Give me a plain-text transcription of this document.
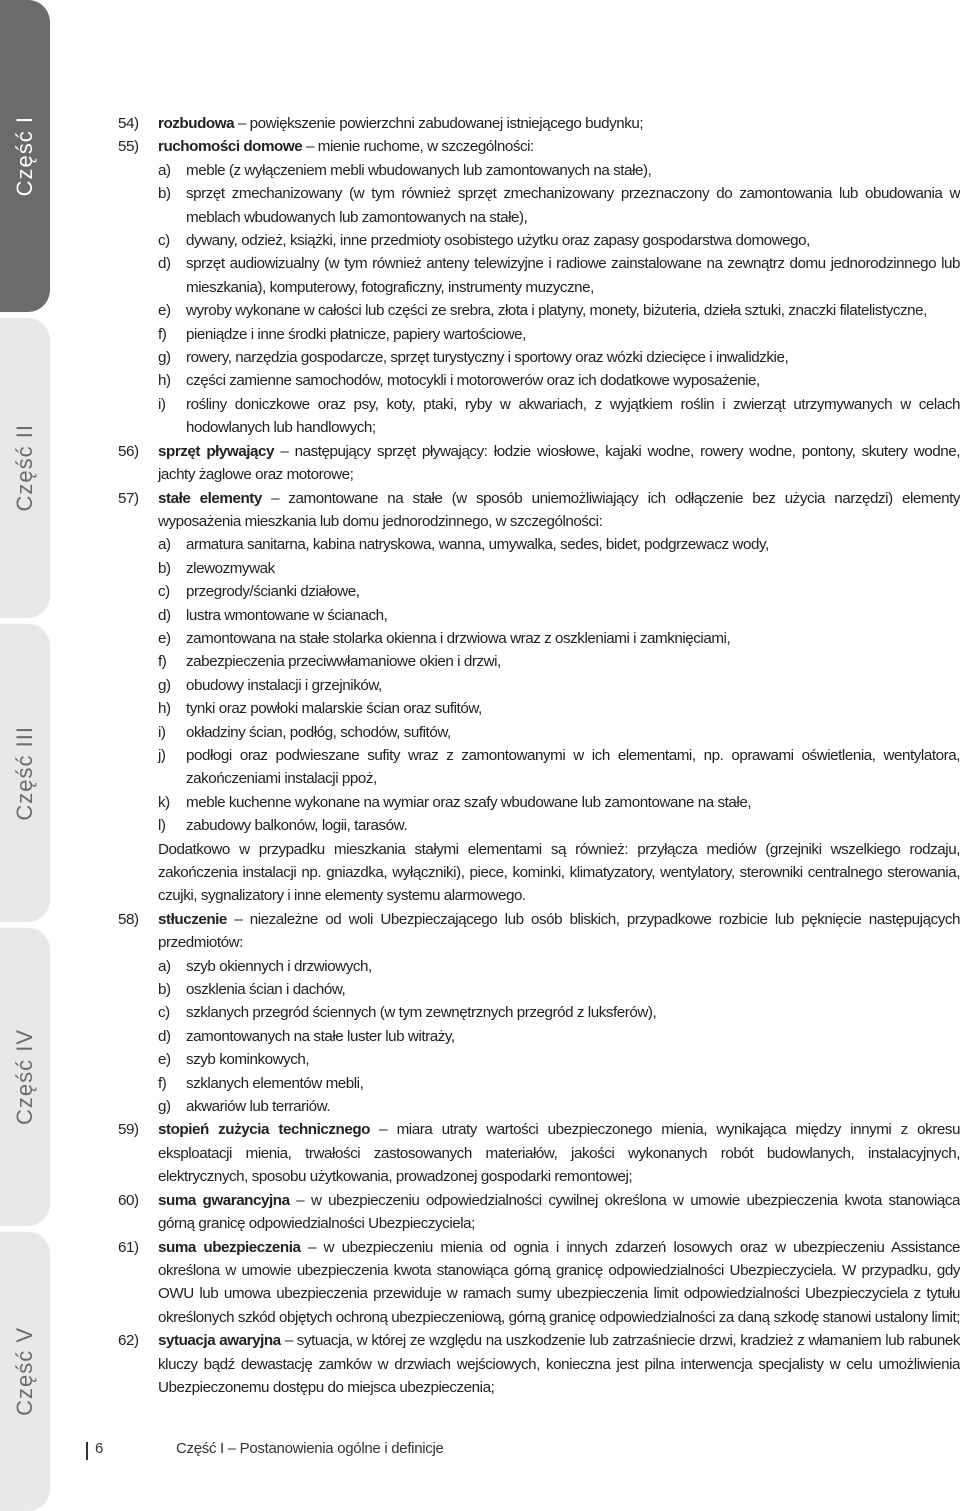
Część I
Część II
Część III
Część IV
Część V
54) rozbudowa – powiększenie powierzchni zabudowanej istniejącego budynku;
55) ruchomości domowe – mienie ruchome, w szczególności:
a) meble (z wyłączeniem mebli wbudowanych lub zamontowanych na stałe),
b) sprzęt zmechanizowany (w tym również sprzęt zmechanizowany przeznaczony do zamontowania lub obudowania w meblach wbudowanych lub zamontowanych na stałe),
c) dywany, odzież, książki, inne przedmioty osobistego użytku oraz zapasy gospodarstwa domowego,
d) sprzęt audiowizualny (w tym również anteny telewizyjne i radiowe zainstalowane na zewnątrz domu jednorodzinnego lub mieszkania), komputerowy, fotograficzny, instrumenty muzyczne,
e) wyroby wykonane w całości lub części ze srebra, złota i platyny, monety, biżuteria, dzieła sztuki, znaczki filatelistyczne,
f) pieniądze i inne środki płatnicze, papiery wartościowe,
g) rowery, narzędzia gospodarcze, sprzęt turystyczny i sportowy oraz wózki dziecięce i inwalidzkie,
h) części zamienne samochodów, motocykli i motorowerów oraz ich dodatkowe wyposażenie,
i) rośliny doniczkowe oraz psy, koty, ptaki, ryby w akwariach, z wyjątkiem roślin i zwierząt utrzymywanych w celach hodowlanych lub handlowych;
56) sprzęt pływający – następujący sprzęt pływający: łodzie wiosłowe, kajaki wodne, rowery wodne, pontony, skutery wodne, jachty żaglowe oraz motorowe;
57) stałe elementy – zamontowane na stałe (w sposób uniemożliwiający ich odłączenie bez użycia narzędzi) elementy wyposażenia mieszkania lub domu jednorodzinnego, w szczególności:
a) armatura sanitarna, kabina natryskowa, wanna, umywalka, sedes, bidet, podgrzewacz wody,
b) zlewozmywak
c) przegrody/ścianki działowe,
d) lustra wmontowane w ścianach,
e) zamontowana na stałe stolarka okienna i drzwiowa wraz z oszkleniami i zamknięciami,
f) zabezpieczenia przeciwwłamaniowe okien i drzwi,
g) obudowy instalacji i grzejników,
h) tynki oraz powłoki malarskie ścian oraz sufitów,
i) okładziny ścian, podłóg, schodów, sufitów,
j) podłogi oraz podwieszane sufity wraz z zamontowanymi w ich elementami, np. oprawami oświetlenia, wentylatora, zakończeniami instalacji ppoż,
k) meble kuchenne wykonane na wymiar oraz szafy wbudowane lub zamontowane na stałe,
l) zabudowy balkonów, logii, tarasów.
Dodatkowo w przypadku mieszkania stałymi elementami są również: przyłącza mediów (grzejniki wszelkiego rodzaju, zakończenia instalacji np. gniazdka, wyłączniki), piece, kominki, klimatyzatory, wentylatory, sterowniki centralnego sterowania, czujki, sygnalizatory i inne elementy systemu alarmowego.
58) stłuczenie – niezależne od woli Ubezpieczającego lub osób bliskich, przypadkowe rozbicie lub pęknięcie następujących przedmiotów:
a) szyb okiennych i drzwiowych,
b) oszklenia ścian i dachów,
c) szklanych przegród ściennych (w tym zewnętrznych przegród z luksferów),
d) zamontowanych na stałe luster lub witraży,
e) szyb kominkowych,
f) szklanych elementów mebli,
g) akwariów lub terrariów.
59) stopień zużycia technicznego – miara utraty wartości ubezpieczonego mienia, wynikająca między innymi z okresu eksploatacji mienia, trwałości zastosowanych materiałów, jakości wykonanych robót budowlanych, instalacyjnych, elektrycznych, sposobu użytkowania, prowadzonej gospodarki remontowej;
60) suma gwarancyjna – w ubezpieczeniu odpowiedzialności cywilnej określona w umowie ubezpieczenia kwota stanowiąca górną granicę odpowiedzialności Ubezpieczyciela;
61) suma ubezpieczenia – w ubezpieczeniu mienia od ognia i innych zdarzeń losowych oraz w ubezpieczeniu Assistance określona w umowie ubezpieczenia kwota stanowiąca górną granicę odpowiedzialności Ubezpieczyciela. W przypadku, gdy OWU lub umowa ubezpieczenia przewiduje w ramach sumy ubezpieczenia limit odpowiedzialności Ubezpieczyciela z tytułu określonych szkód objętych ochroną ubezpieczeniową, górną granicę odpowiedzialności za daną szkodę stanowi ustalony limit;
62) sytuacja awaryjna – sytuacja, w której ze względu na uszkodzenie lub zatrzaśniecie drzwi, kradzież z włamaniem lub rabunek kluczy bądź dewastację zamków w drzwiach wejściowych, konieczna jest pilna interwencja specjalisty w celu umożliwienia Ubezpieczonemu dostępu do miejsca ubezpieczenia;
6	Część I – Postanowienia ogólne i definicje
